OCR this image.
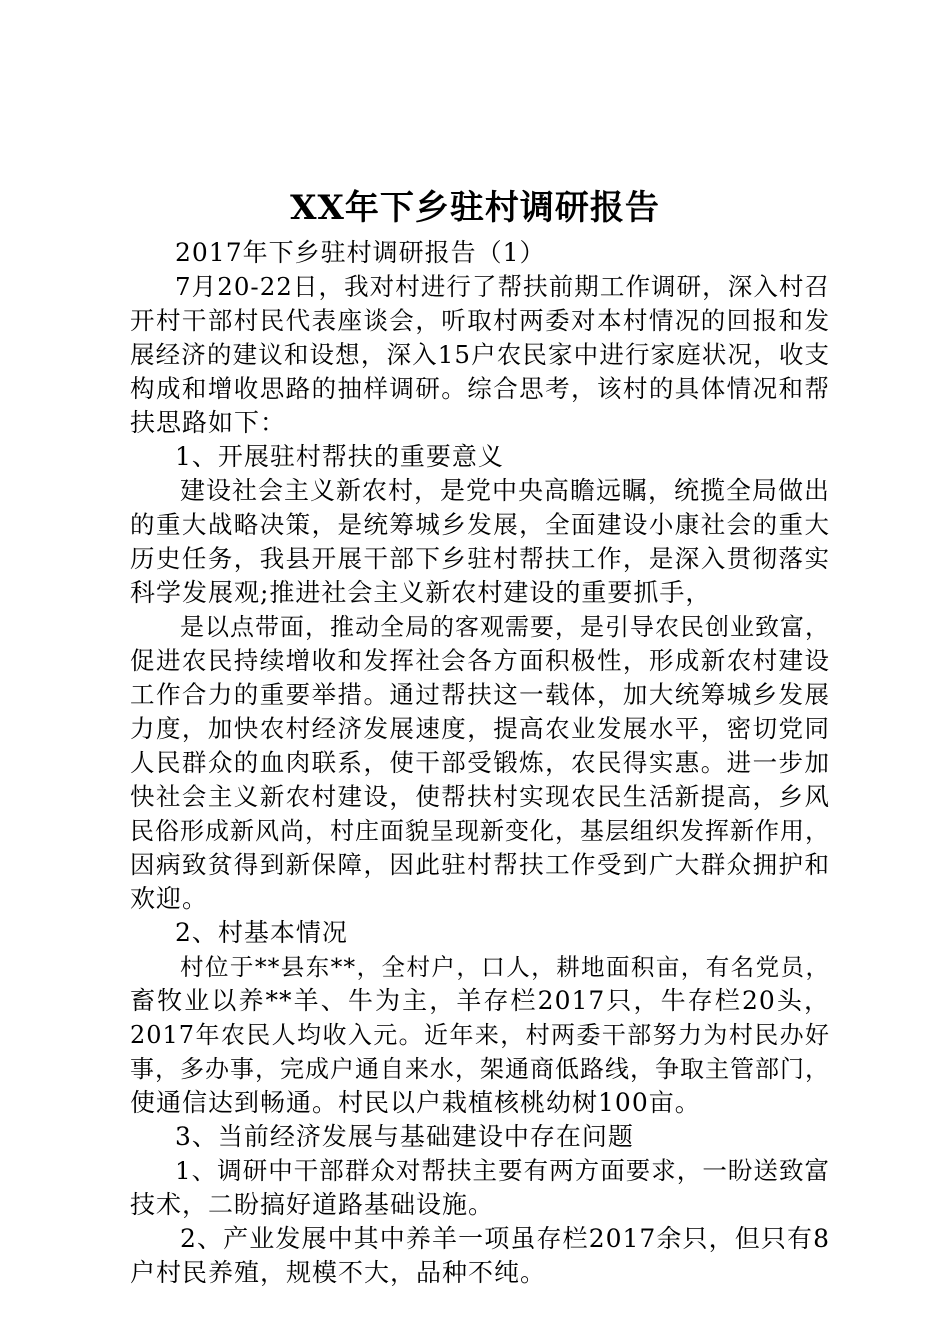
XX年下乡驻村调研报告
2017年下乡驻村调研报告（1）
7月20-22日，我对村进行了帮扶前期工作调研，深入村召
开村干部村民代表座谈会，听取村两委对本村情况的回报和发
展经济的建议和设想，深入15户农民家中进行家庭状况，收支
构成和增收思路的抽样调研。综合思考，该村的具体情况和帮
扶思路如下：
1、开展驻村帮扶的重要意义
建设社会主义新农村，是党中央高瞻远瞩，统揽全局做出
的重大战略决策，是统筹城乡发展，全面建设小康社会的重大
历史任务，我县开展干部下乡驻村帮扶工作，是深入贯彻落实
科学发展观;推进社会主义新农村建设的重要抓手，
是以点带面，推动全局的客观需要，是引导农民创业致富，
促进农民持续增收和发挥社会各方面积极性，形成新农村建设
工作合力的重要举措。通过帮扶这一载体，加大统筹城乡发展
力度，加快农村经济发展速度，提高农业发展水平，密切党同
人民群众的血肉联系，使干部受锻炼，农民得实惠。进一步加
快社会主义新农村建设，使帮扶村实现农民生活新提高，乡风
民俗形成新风尚，村庄面貌呈现新变化，基层组织发挥新作用，
因病致贫得到新保障，因此驻村帮扶工作受到广大群众拥护和
欢迎。
2、村基本情况
村位于**县东**，全村户，口人，耕地面积亩，有名党员，
畜牧业以养**羊、牛为主，羊存栏2017只，牛存栏20头，
2017年农民人均收入元。近年来，村两委干部努力为村民办好
事，多办事，完成户通自来水，架通商低路线，争取主管部门，
使通信达到畅通。村民以户栽植核桃幼树100亩。
3、当前经济发展与基础建设中存在问题
1、调研中干部群众对帮扶主要有两方面要求，一盼送致富
技术，二盼搞好道路基础设施。
2、产业发展中其中养羊一项虽存栏2017余只，但只有8
户村民养殖，规模不大，品种不纯。
